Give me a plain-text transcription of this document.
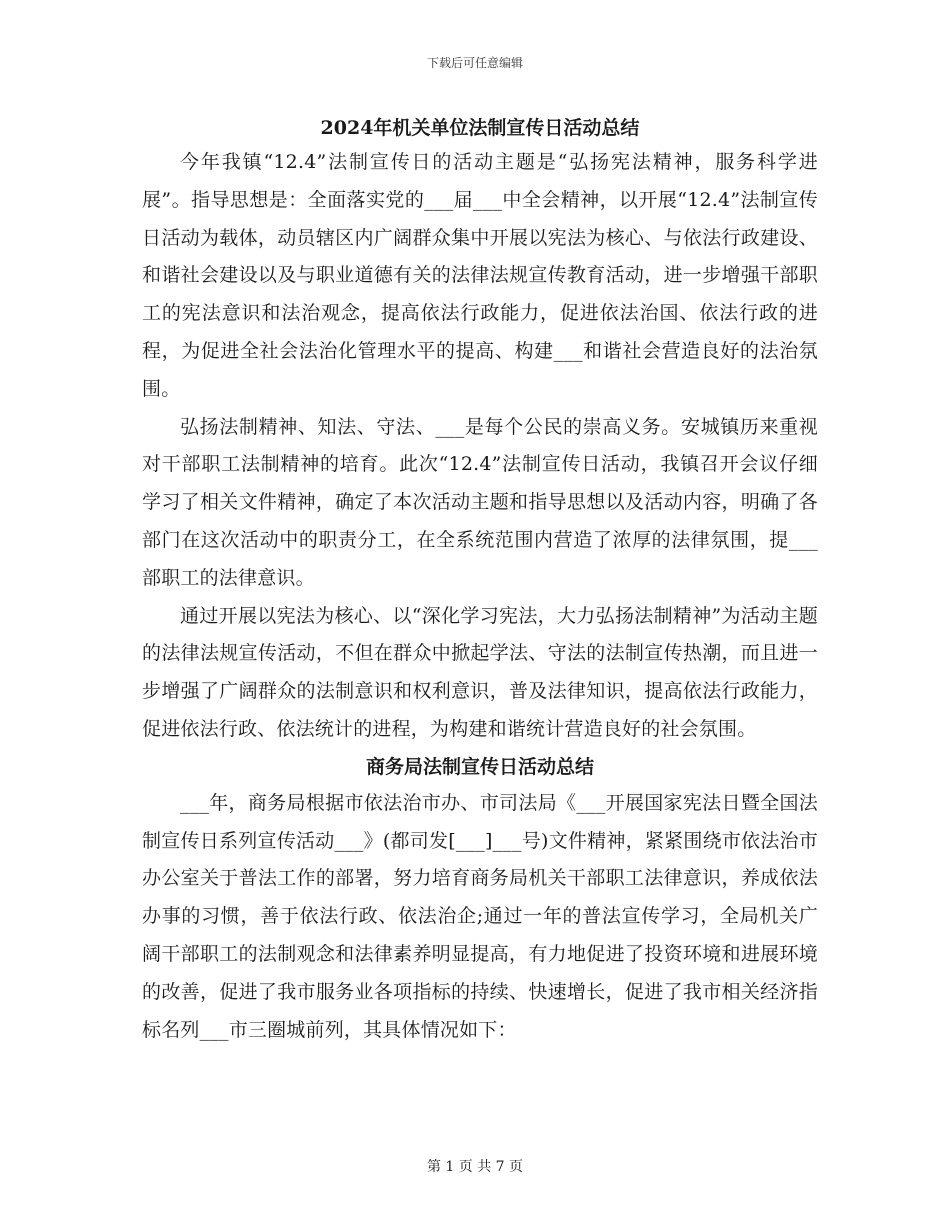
下载后可任意编辑
2024年机关单位法制宣传日活动总结

今年我镇“12.4”法制宣传日的活动主题是“弘扬宪法精神，服务科学进展”。指导思想是：全面落实党的___届___中全会精神，以开展“12.4”法制宣传日活动为载体，动员辖区内广阔群众集中开展以宪法为核心、与依法行政建设、和谐社会建设以及与职业道德有关的法律法规宣传教育活动，进一步增强干部职工的宪法意识和法治观念，提高依法行政能力，促进依法治国、依法行政的进程，为促进全社会法治化管理水平的提高、构建___和谐社会营造良好的法治氛围。

弘扬法制精神、知法、守法、___是每个公民的崇高义务。安城镇历来重视对干部职工法制精神的培育。此次“12.4”法制宣传日活动，我镇召开会议仔细学习了相关文件精神，确定了本次活动主题和指导思想以及活动内容，明确了各部门在这次活动中的职责分工，在全系统范围内营造了浓厚的法律氛围，提___部职工的法律意识。

通过开展以宪法为核心、以“深化学习宪法，大力弘扬法制精神”为活动主题的法律法规宣传活动，不但在群众中掀起学法、守法的法制宣传热潮，而且进一步增强了广阔群众的法制意识和权利意识，普及法律知识，提高依法行政能力，促进依法行政、依法统计的进程，为构建和谐统计营造良好的社会氛围。

商务局法制宣传日活动总结

___年，商务局根据市依法治市办、市司法局《___开展国家宪法日暨全国法制宣传日系列宣传活动___》(都司发[___]___号)文件精神，紧紧围绕市依法治市办公室关于普法工作的部署，努力培育商务局机关干部职工法律意识，养成依法办事的习惯，善于依法行政、依法治企;通过一年的普法宣传学习，全局机关广阔干部职工的法制观念和法律素养明显提高，有力地促进了投资环境和进展环境的改善，促进了我市服务业各项指标的持续、快速增长，促进了我市相关经济指标名列___市三圈城前列，其具体情况如下：

第 1 页 共 7 页
